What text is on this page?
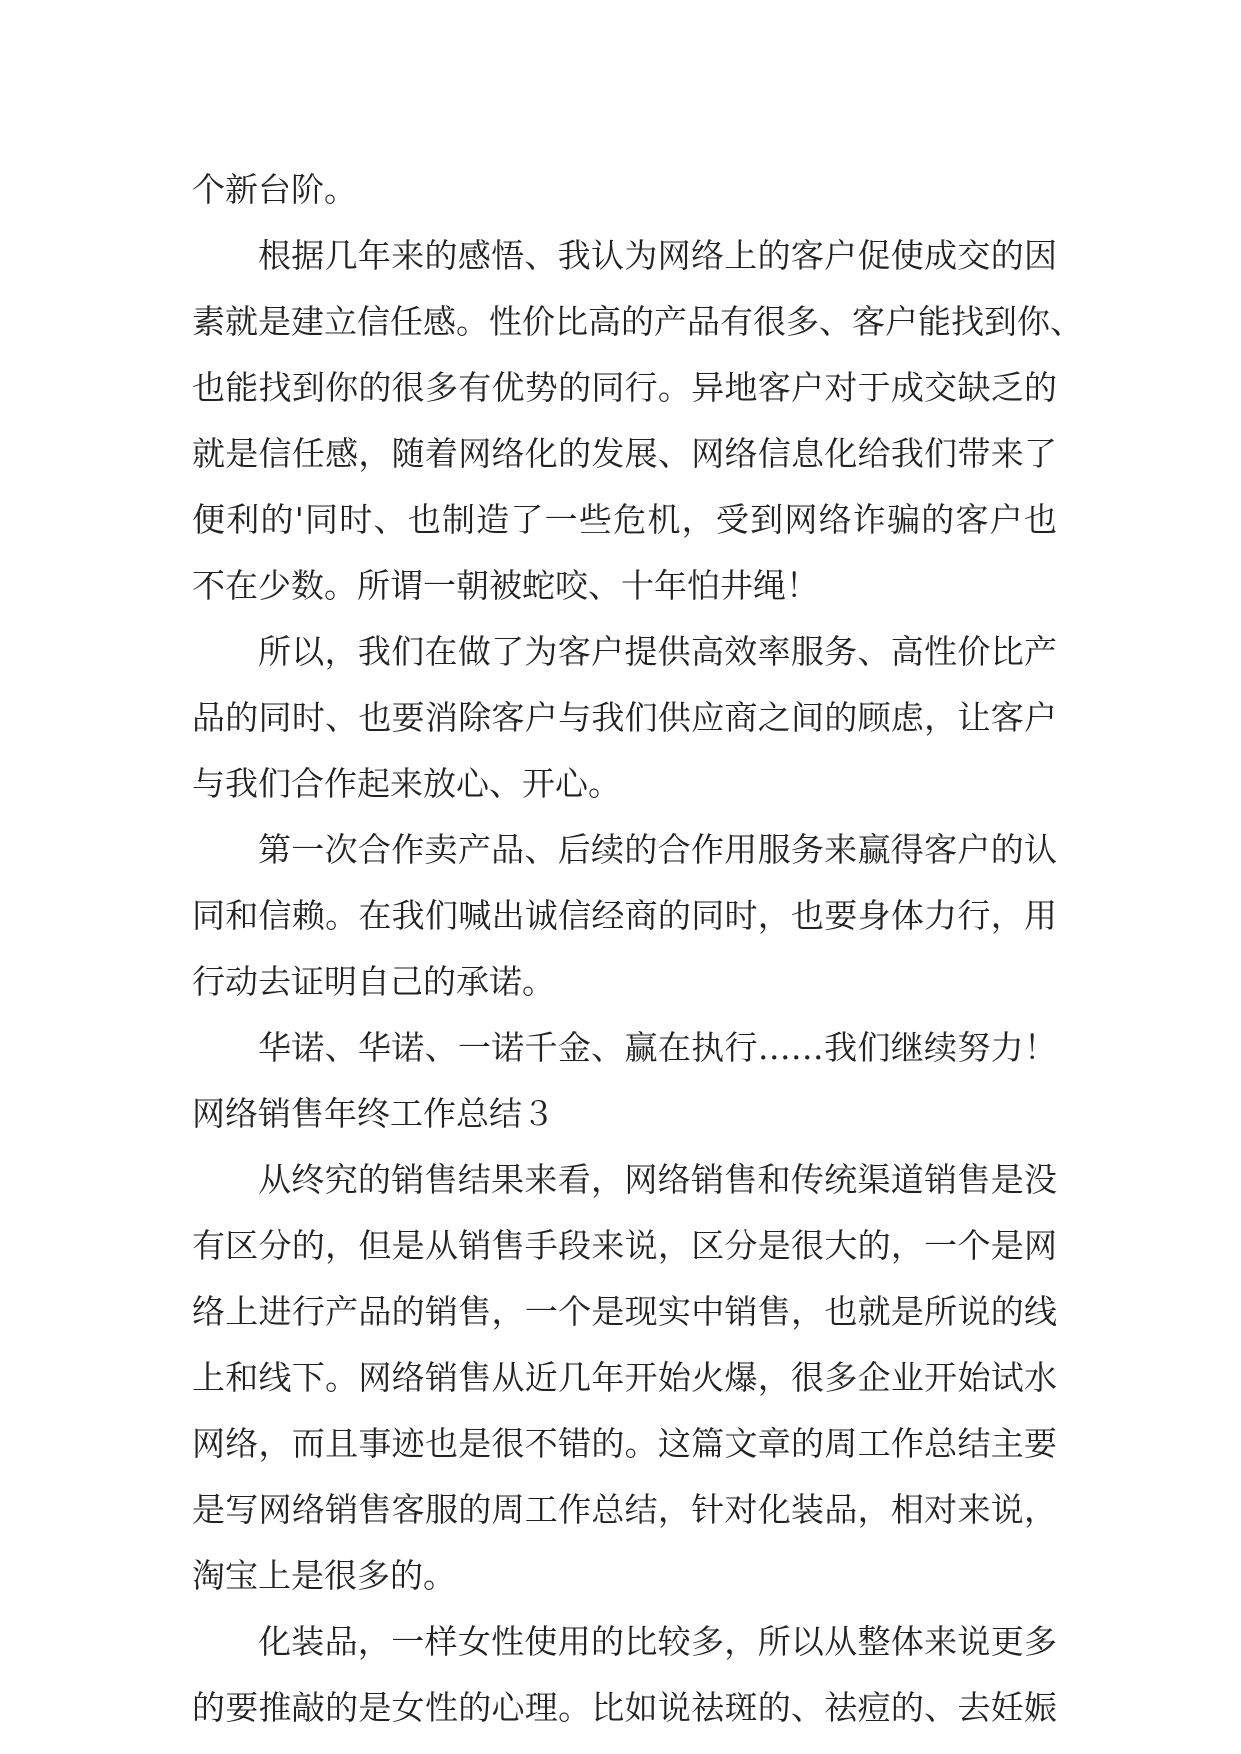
个新台阶。
根据几年来的感悟、我认为网络上的客户促使成交的因
素就是建立信任感。性价比高的产品有很多、客户能找到你、
也能找到你的很多有优势的同行。异地客户对于成交缺乏的
就是信任感，随着网络化的发展、网络信息化给我们带来了
便利的'同时、也制造了一些危机，受到网络诈骗的客户也
不在少数。所谓一朝被蛇咬、十年怕井绳！
所以，我们在做了为客户提供高效率服务、高性价比产
品的同时、也要消除客户与我们供应商之间的顾虑，让客户
与我们合作起来放心、开心。
第一次合作卖产品、后续的合作用服务来赢得客户的认
同和信赖。在我们喊出诚信经商的同时，也要身体力行，用
行动去证明自己的承诺。
华诺、华诺、一诺千金、赢在执行……我们继续努力！
网络销售年终工作总结３
从终究的销售结果来看，网络销售和传统渠道销售是没
有区分的，但是从销售手段来说，区分是很大的，一个是网
络上进行产品的销售，一个是现实中销售，也就是所说的线
上和线下。网络销售从近几年开始火爆，很多企业开始试水
网络，而且事迹也是很不错的。这篇文章的周工作总结主要
是写网络销售客服的周工作总结，针对化装品，相对来说，
淘宝上是很多的。
化装品，一样女性使用的比较多，所以从整体来说更多
的要推敲的是女性的心理。比如说祛斑的、祛痘的、去妊娠
